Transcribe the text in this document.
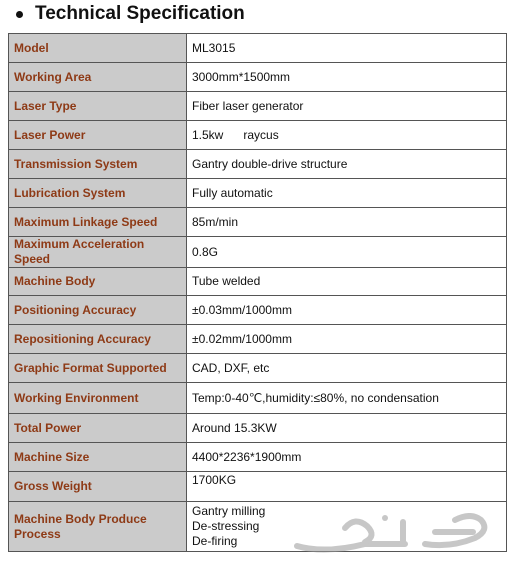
Technical Specification
Model	ML3015
Working Area	3000mm*1500mm
Laser Type	Fiber laser generator
Laser Power	1.5kw      raycus
Transmission System	Gantry double-drive structure
Lubrication System	Fully automatic
Maximum Linkage Speed	85m/min
Maximum Acceleration Speed	0.8G
Machine Body	Tube welded
Positioning Accuracy	±0.03mm/1000mm
Repositioning Accuracy	±0.02mm/1000mm
Graphic Format Supported	CAD, DXF, etc
Working Environment	Temp:0-40℃,humidity:≤80%, no condensation
Total Power	Around 15.3KW
Machine Size	4400*2236*1900mm
Gross Weight	1700KG
Machine Body Produce Process	Gantry milling
De-stressing
De-firing
